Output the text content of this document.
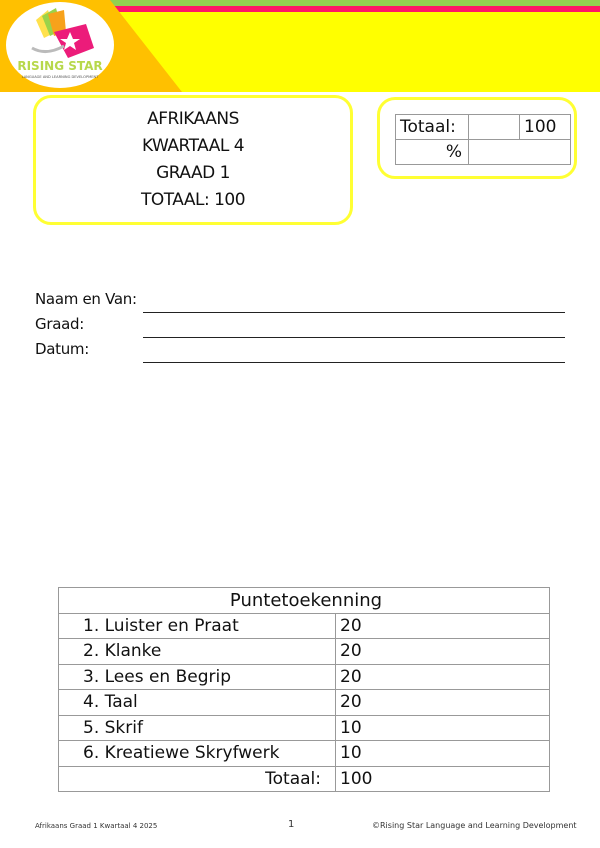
RISING STAR
LANGUAGE AND LEARNING DEVELOPMENT
AFRIKAANS
KWARTAAL 4
GRAAD 1
TOTAAL: 100
Totaal:		100
%		
Naam en Van:
Graad:
Datum:
Puntetoekenning	
1. Luister en Praat	20
2. Klanke	20
3. Lees en Begrip	20
4. Taal	20
5. Skrif	10
6. Kreatiewe Skryfwerk	10
Totaal:	100
Afrikaans Graad 1 Kwartaal 4 2025	1	©Rising Star Language and Learning Development
